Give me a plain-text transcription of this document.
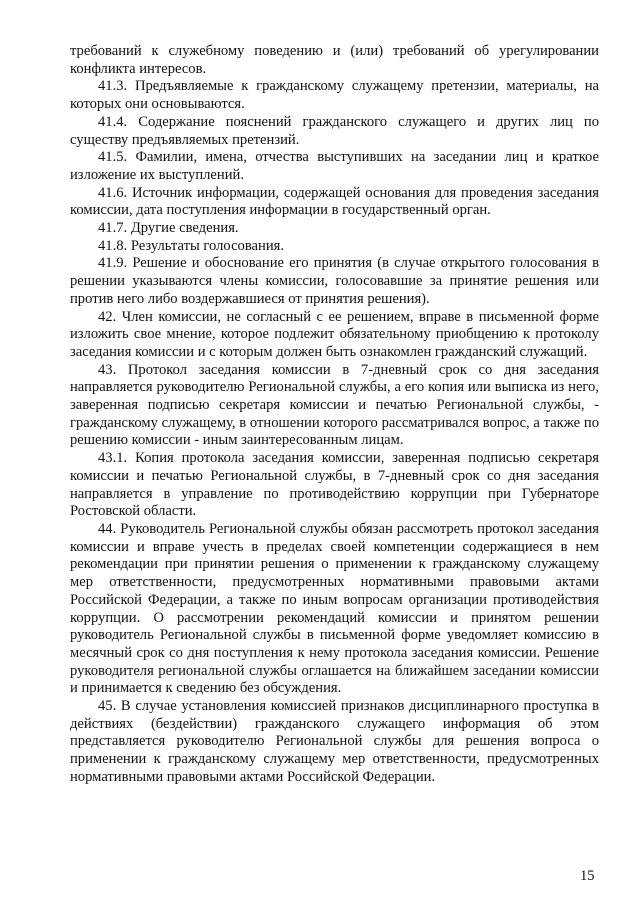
требований к служебному поведению и (или) требований об урегулировании конфликта интересов.

41.3. Предъявляемые к гражданскому служащему претензии, материалы, на которых они основываются.

41.4. Содержание пояснений гражданского служащего и других лиц по существу предъявляемых претензий.

41.5. Фамилии, имена, отчества выступивших на заседании лиц и краткое изложение их выступлений.

41.6. Источник информации, содержащей основания для проведения заседания комиссии, дата поступления информации в государственный орган.

41.7. Другие сведения.

41.8. Результаты голосования.

41.9. Решение и обоснование его принятия (в случае открытого голосования в решении указываются члены комиссии, голосовавшие за принятие решения или против него либо воздержавшиеся от принятия решения).

42. Член комиссии, не согласный с ее решением, вправе в письменной форме изложить свое мнение, которое подлежит обязательному приобщению к протоколу заседания комиссии и с которым должен быть ознакомлен гражданский служащий.

43. Протокол заседания комиссии в 7-дневный срок со дня заседания направляется руководителю Региональной службы, а его копия или выписка из него, заверенная подписью секретаря комиссии и печатью Региональной службы, - гражданскому служащему, в отношении которого рассматривался вопрос, а также по решению комиссии - иным заинтересованным лицам.

43.1. Копия протокола заседания комиссии, заверенная подписью секретаря комиссии и печатью Региональной службы, в 7-дневный срок со дня заседания направляется в управление по противодействию коррупции при Губернаторе Ростовской области.

44. Руководитель Региональной службы обязан рассмотреть протокол заседания комиссии и вправе учесть в пределах своей компетенции содержащиеся в нем рекомендации при принятии решения о применении к гражданскому служащему мер ответственности, предусмотренных нормативными правовыми актами Российской Федерации, а также по иным вопросам организации противодействия коррупции. О рассмотрении рекомендаций комиссии и принятом решении руководитель Региональной службы в письменной форме уведомляет комиссию в месячный срок со дня поступления к нему протокола заседания комиссии. Решение руководителя региональной службы оглашается на ближайшем заседании комиссии и принимается к сведению без обсуждения.

45. В случае установления комиссией признаков дисциплинарного проступка в действиях (бездействии) гражданского служащего информация об этом представляется руководителю Региональной службы для решения вопроса о применении к гражданскому служащему мер ответственности, предусмотренных нормативными правовыми актами Российской Федерации.

15
